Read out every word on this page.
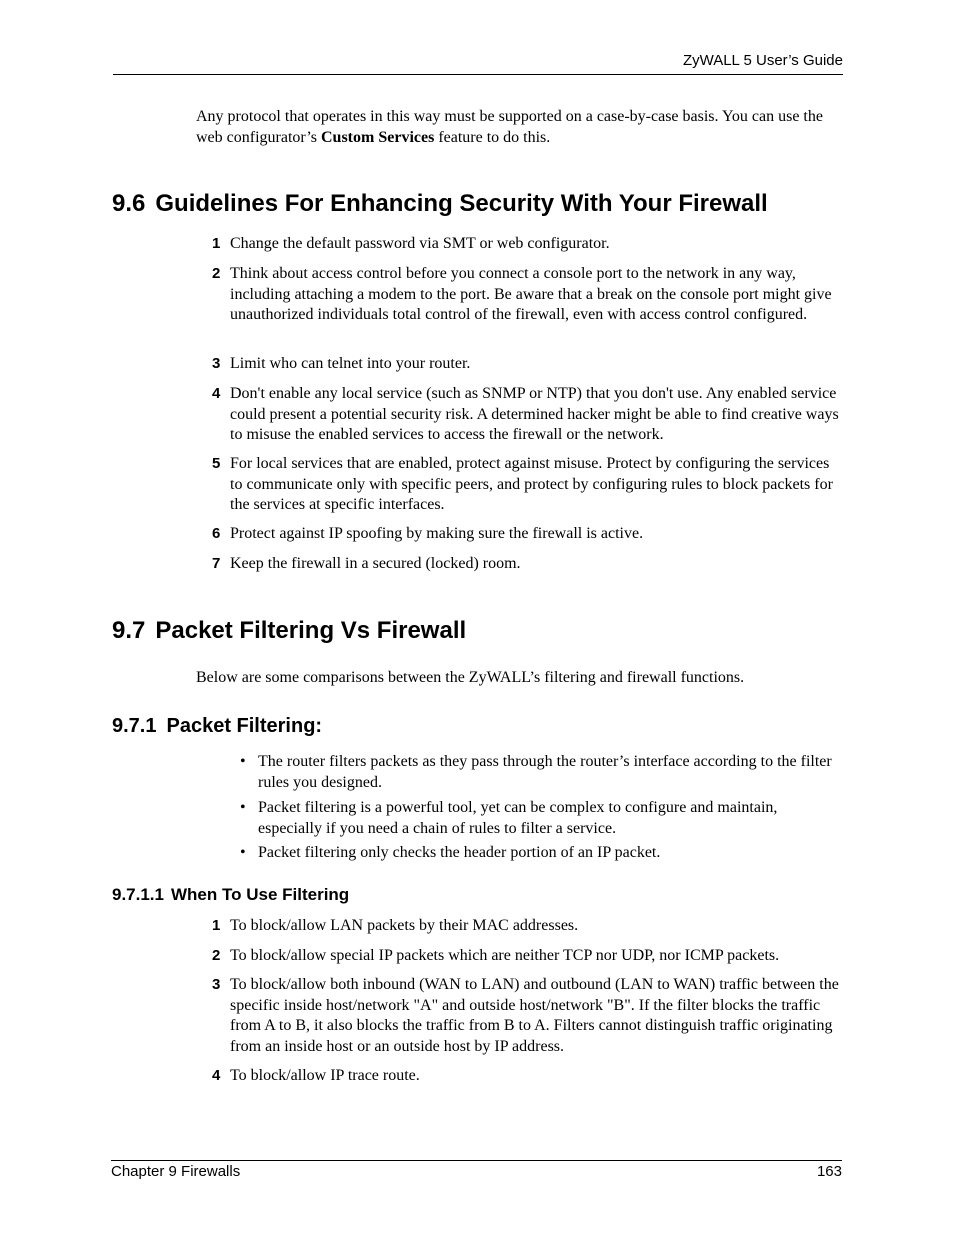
ZyWALL 5 User’s Guide
Any protocol that operates in this way must be supported on a case-by-case basis. You can use the web configurator’s Custom Services feature to do this.
9.6 Guidelines For Enhancing Security With Your Firewall
1 Change the default password via SMT or web configurator.
2 Think about access control before you connect a console port to the network in any way, including attaching a modem to the port. Be aware that a break on the console port might give unauthorized individuals total control of the firewall, even with access control configured.
3 Limit who can telnet into your router.
4 Don't enable any local service (such as SNMP or NTP) that you don't use. Any enabled service could present a potential security risk. A determined hacker might be able to find creative ways to misuse the enabled services to access the firewall or the network.
5 For local services that are enabled, protect against misuse. Protect by configuring the services to communicate only with specific peers, and protect by configuring rules to block packets for the services at specific interfaces.
6 Protect against IP spoofing by making sure the firewall is active.
7 Keep the firewall in a secured (locked) room.
9.7 Packet Filtering Vs Firewall
Below are some comparisons between the ZyWALL’s filtering and firewall functions.
9.7.1 Packet Filtering:
• The router filters packets as they pass through the router’s interface according to the filter rules you designed.
• Packet filtering is a powerful tool, yet can be complex to configure and maintain, especially if you need a chain of rules to filter a service.
• Packet filtering only checks the header portion of an IP packet.
9.7.1.1 When To Use Filtering
1 To block/allow LAN packets by their MAC addresses.
2 To block/allow special IP packets which are neither TCP nor UDP, nor ICMP packets.
3 To block/allow both inbound (WAN to LAN) and outbound (LAN to WAN) traffic between the specific inside host/network "A" and outside host/network "B". If the filter blocks the traffic from A to B, it also blocks the traffic from B to A. Filters cannot distinguish traffic originating from an inside host or an outside host by IP address.
4 To block/allow IP trace route.
Chapter 9 Firewalls	163
